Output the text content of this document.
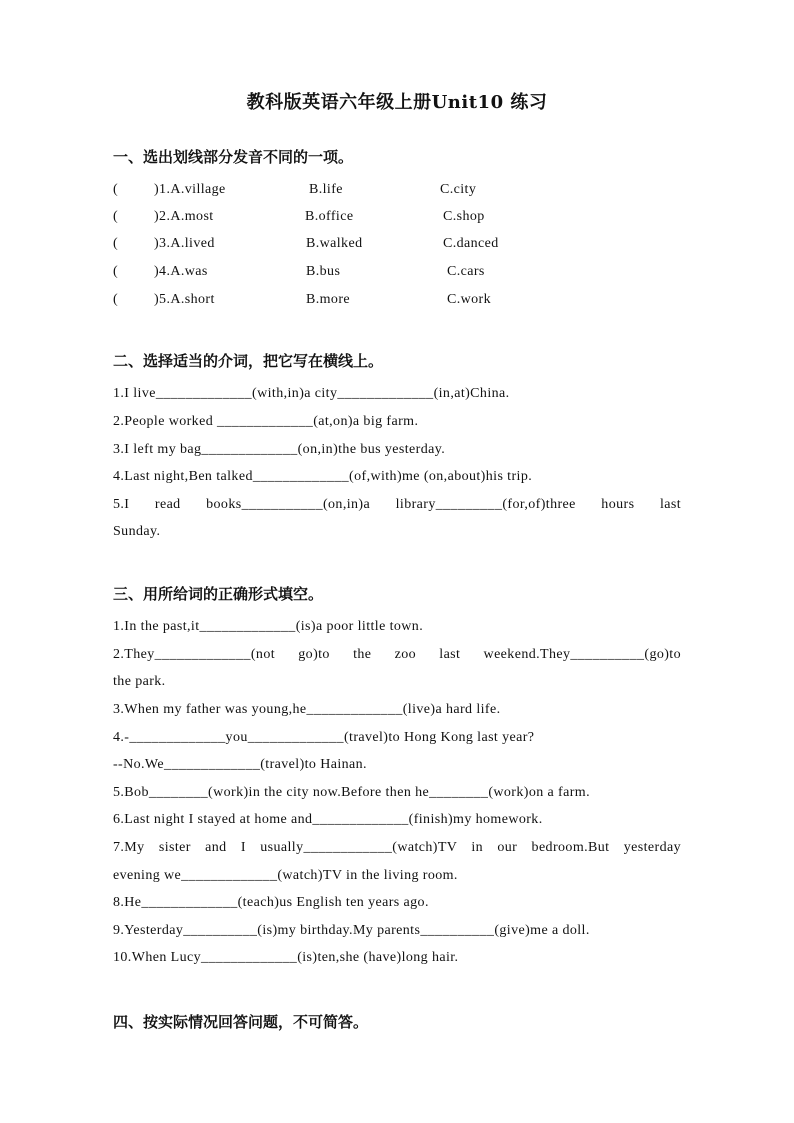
教科版英语六年级上册Unit10 练习
一、选出划线部分发音不同的一项。
(	)1.A.village	B.life	C.city
(	)2.A.most	B.office	C.shop
(	)3.A.lived	B.walked	C.danced
(	)4.A.was	B.bus	C.cars
(	)5.A.short	B.more	C.work
二、选择适当的介词，把它写在横线上。
1.I live_____________(with,in)a city_____________(in,at)China.
2.People worked _____________(at,on)a big farm.
3.I left my bag_____________(on,in)the bus yesterday.
4.Last night,Ben talked_____________(of,with)me (on,about)his trip.
5.I read books___________(on,in)a library_________(for,of)three hours last
Sunday.
三、用所给词的正确形式填空。
1.In the past,it_____________(is)a poor little town.
2.They_____________(not go)to the zoo last weekend.They__________(go)to
the park.
3.When my father was young,he_____________(live)a hard life.
4.-_____________you_____________(travel)to Hong Kong last year?
--No.We_____________(travel)to Hainan.
5.Bob________(work)in the city now.Before then he________(work)on a farm.
6.Last night I stayed at home and_____________(finish)my homework.
7.My sister and I usually____________(watch)TV in our bedroom.But yesterday
evening we_____________(watch)TV in the living room.
8.He_____________(teach)us English ten years ago.
9.Yesterday__________(is)my birthday.My parents__________(give)me a doll.
10.When Lucy_____________(is)ten,she (have)long hair.
四、按实际情况回答问题，不可简答。
